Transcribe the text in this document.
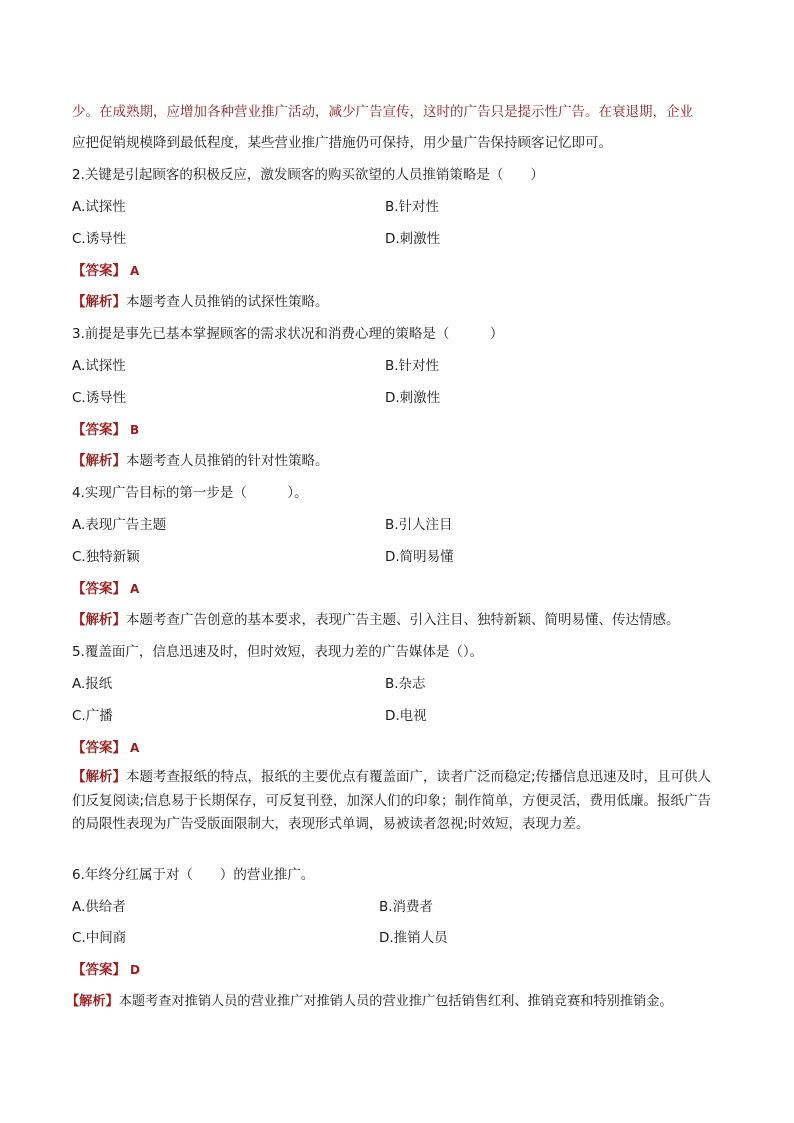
少。在成熟期，应增加各种营业推广活动，减少广告宣传，这时的广告只是提示性广告。在衰退期，企业
应把促销规模降到最低程度，某些营业推广措施仍可保持，用少量广告保持顾客记忆即可。
2.关键是引起顾客的积极反应，激发顾客的购买欲望的人员推销策略是（　　）
A.试探性	B.针对性
C.诱导性	D.刺激性
【答案】 A
【解析】本题考查人员推销的试探性策略。
3.前提是事先已基本掌握顾客的需求状况和消费心理的策略是（　　　）
A.试探性	B.针对性
C.诱导性	D.刺激性
【答案】 B
【解析】本题考查人员推销的针对性策略。
4.实现广告目标的第一步是（　　　）。
A.表现广告主题	B.引人注目
C.独特新颖	D.简明易懂
【答案】 A
【解析】本题考查广告创意的基本要求，表现广告主题、引入注目、独特新颖、简明易懂、传达情感。
5.覆盖面广，信息迅速及时，但时效短，表现力差的广告媒体是（）。
A.报纸	B.杂志
C.广播	D.电视
【答案】 A
【解析】本题考查报纸的特点，报纸的主要优点有覆盖面广，读者广泛而稳定;传播信息迅速及时，且可供人们反复阅读;信息易于长期保存，可反复刊登，加深人们的印象；制作简单，方便灵活，费用低廉。报纸广告的局限性表现为广告受版面限制大，表现形式单调，易被读者忽视;时效短，表现力差。
6.年终分红属于对（　　）的营业推广。
A.供给者	B.消费者
C.中间商	D.推销人员
【答案】 D
【解析】本题考查对推销人员的营业推广对推销人员的营业推广包括销售红利、推销竞赛和特别推销金。
